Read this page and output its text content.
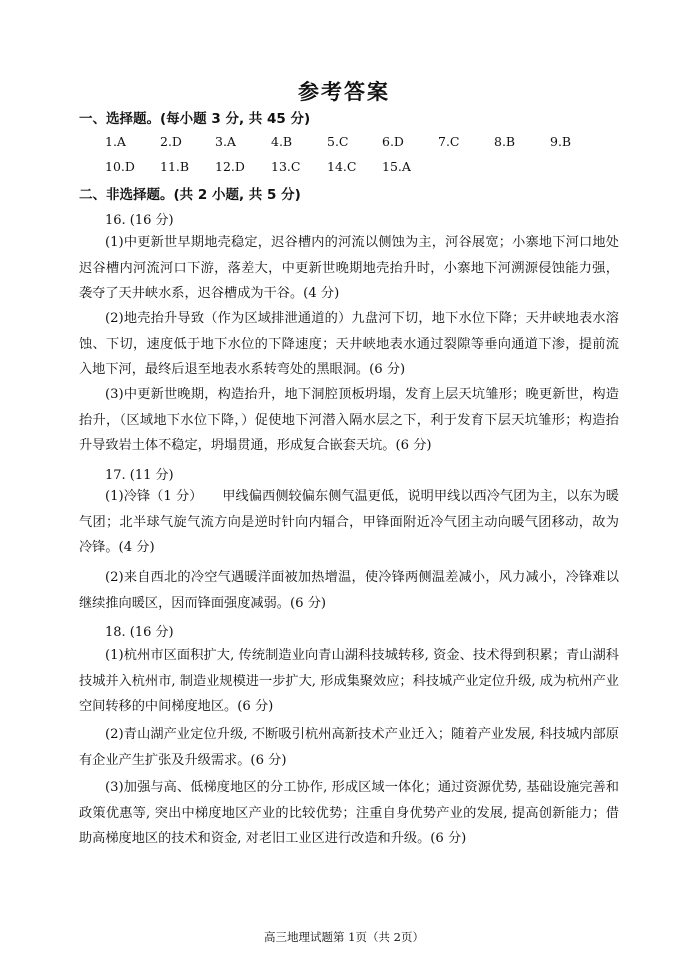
参考答案
一、选择题。(每小题 3 分, 共 45 分)
1.A	2.D	3.A	4.B	5.C	6.D	7.C	8.B	9.B
10.D 11.B 12.D 13.C 14.C 15.A
二、非选择题。(共 2 小题, 共 5 分)
16. (16 分)
(1)中更新世早期地壳稳定，迟谷槽内的河流以侧蚀为主，河谷展宽；小寨地下河口地处迟谷槽内河流河口下游，落差大，中更新世晚期地壳抬升时，小寨地下河溯源侵蚀能力强，袭夺了天井峡水系，迟谷槽成为干谷。(4 分)
(2)地壳抬升导致（作为区域排泄通道的）九盘河下切，地下水位下降；天井峡地表水溶蚀、下切，速度低于地下水位的下降速度；天井峡地表水通过裂隙等垂向通道下渗，提前流入地下河，最终后退至地表水系转弯处的黑眼洞。(6 分)
(3)中更新世晚期，构造抬升，地下洞腔顶板坍塌，发育上层天坑雏形；晚更新世，构造抬升，（区域地下水位下降，）促使地下河潜入隔水层之下，利于发育下层天坑雏形；构造抬升导致岩土体不稳定，坍塌贯通，形成复合嵌套天坑。(6 分)
17. (11 分)
(1)冷锋（1 分）　　甲线偏西侧较偏东侧气温更低，说明甲线以西冷气团为主，以东为暖气团；北半球气旋气流方向是逆时针向内辐合，甲锋面附近冷气团主动向暖气团移动，故为冷锋。(4 分)
(2)来自西北的冷空气遇暖洋面被加热增温，使冷锋两侧温差减小，风力减小，冷锋难以继续推向暖区，因而锋面强度减弱。(6 分)
18. (16 分)
(1)杭州市区面积扩大, 传统制造业向青山湖科技城转移, 资金、技术得到积累；青山湖科技城并入杭州市, 制造业规模进一步扩大, 形成集聚效应；科技城产业定位升级, 成为杭州产业空间转移的中间梯度地区。(6 分)
(2)青山湖产业定位升级, 不断吸引杭州高新技术产业迁入；随着产业发展, 科技城内部原有企业产生扩张及升级需求。(6 分)
(3)加强与高、低梯度地区的分工协作, 形成区域一体化；通过资源优势, 基础设施完善和政策优惠等, 突出中梯度地区产业的比较优势；注重自身优势产业的发展, 提高创新能力；借助高梯度地区的技术和资金, 对老旧工业区进行改造和升级。(6 分)
高三地理试题第 1页（共 2页）
